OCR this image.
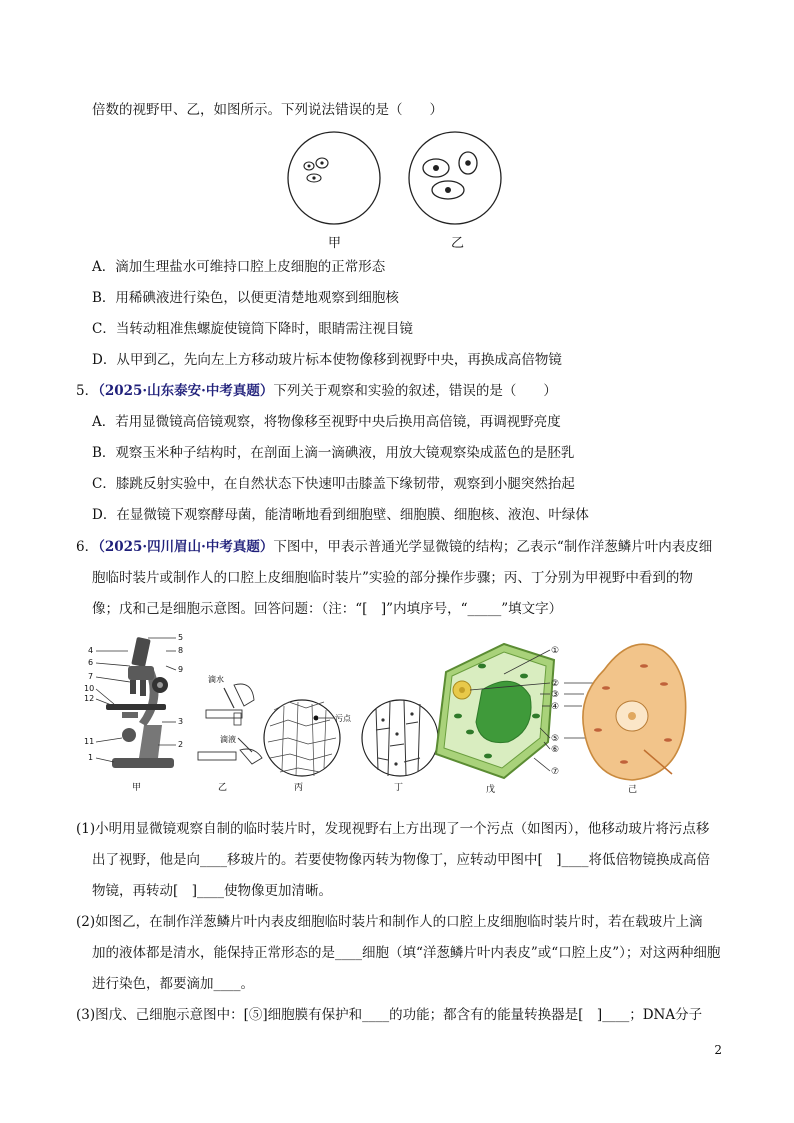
倍数的视野甲、乙，如图所示。下列说法错误的是（　　）
甲	乙
A．滴加生理盐水可维持口腔上皮细胞的正常形态
B．用稀碘液进行染色，以便更清楚地观察到细胞核
C．当转动粗准焦螺旋使镜筒下降时，眼睛需注视目镜
D．从甲到乙，先向左上方移动玻片标本使物像移到视野中央，再换成高倍物镜
5．（2025·山东泰安·中考真题）下列关于观察和实验的叙述，错误的是（　　）
A．若用显微镜高倍镜观察，将物像移至视野中央后换用高倍镜，再调视野亮度
B．观察玉米种子结构时，在剖面上滴一滴碘液，用放大镜观察染成蓝色的是胚乳
C．膝跳反射实验中，在自然状态下快速叩击膝盖下缘韧带，观察到小腿突然抬起
D．在显微镜下观察酵母菌，能清晰地看到细胞壁、细胞膜、细胞核、液泡、叶绿体
6．（2025·四川眉山·中考真题）下图中，甲表示普通光学显微镜的结构；乙表示“制作洋葱鳞片叶内表皮细
胞临时装片或制作人的口腔上皮细胞临时装片”实验的部分操作步骤；丙、丁分别为甲视野中看到的物
像；戊和己是细胞示意图。回答问题：（注：“[　]”内填序号，“_____”填文字）
5
4	8
6
9
7
10
12
3
11	2
1
甲
滴水
滴液
乙
污点
丙	丁
①
②
③
④
⑤
⑥
⑦
戊	己
(1)小明用显微镜观察自制的临时装片时，发现视野右上方出现了一个污点（如图丙），他移动玻片将污点移
出了视野，他是向____移玻片的。若要使物像丙转为物像丁，应转动甲图中[　]____将低倍物镜换成高倍
物镜，再转动[　]____使物像更加清晰。
(2)如图乙，在制作洋葱鳞片叶内表皮细胞临时装片和制作人的口腔上皮细胞临时装片时，若在载玻片上滴
加的液体都是清水，能保持正常形态的是____细胞（填“洋葱鳞片叶内表皮”或“口腔上皮”）；对这两种细胞
进行染色，都要滴加____。
(3)图戊、己细胞示意图中：[⑤]细胞膜有保护和____的功能；都含有的能量转换器是[　]____；DNA分子
2
